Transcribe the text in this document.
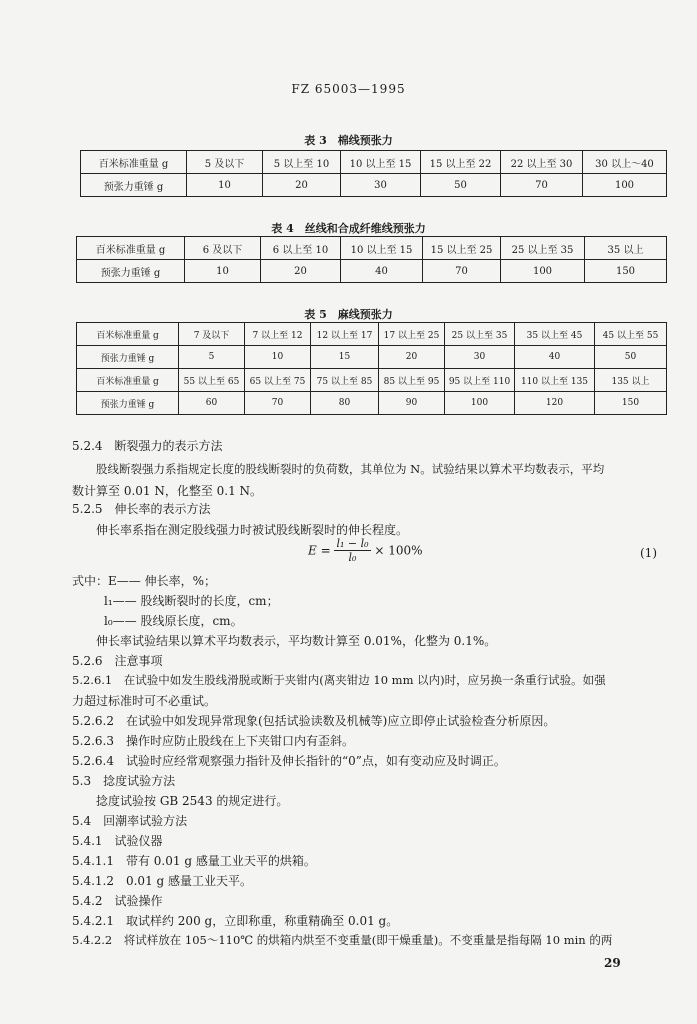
FZ 65003—1995
表 3　棉线预张力
百米标准重量 g	5 及以下	5 以上至 10	10 以上至 15	15 以上至 22	22 以上至 30	30 以上～40
预张力重锤 g	10	20	30	50	70	100
表 4　丝线和合成纤维线预张力
百米标准重量 g	6 及以下	6 以上至 10	10 以上至 15	15 以上至 25	25 以上至 35	35 以上
预张力重锤 g	10	20	40	70	100	150
表 5　麻线预张力
百米标准重量 g	7 及以下	7 以上至 12	12 以上至 17	17 以上至 25	25 以上至 35	35 以上至 45	45 以上至 55
预张力重锤 g	5	10	15	20	30	40	50
百米标准重量 g	55 以上至 65	65 以上至 75	75 以上至 85	85 以上至 95	95 以上至 110	110 以上至 135	135 以上
预张力重锤 g	60	70	80	90	100	120	150
5.2.4　断裂强力的表示方法
股线断裂强力系指规定长度的股线断裂时的负荷数，其单位为 N。试验结果以算术平均数表示，平均
数计算至 0.01 N，化整至 0.1 N。
5.2.5　伸长率的表示方法
伸长率系指在测定股线强力时被试股线断裂时的伸长程度。
$E = \frac{\text{l₁ − l₀}}{\text{l₀}} \times 100\%$	(1)
式中：E—— 伸长率，%；
l₁—— 股线断裂时的长度，cm；
l₀—— 股线原长度，cm。
伸长率试验结果以算术平均数表示，平均数计算至 0.01%，化整为 0.1%。
5.2.6　注意事项
5.2.6.1　在试验中如发生股线滑脱或断于夹钳内(离夹钳边 10 mm 以内)时，应另换一条重行试验。如强
力超过标准时可不必重试。
5.2.6.2　在试验中如发现异常现象(包括试验读数及机械等)应立即停止试验检查分析原因。
5.2.6.3　操作时应防止股线在上下夹钳口内有歪斜。
5.2.6.4　试验时应经常观察强力指针及伸长指针的“0”点，如有变动应及时调正。
5.3　捻度试验方法
捻度试验按 GB 2543 的规定进行。
5.4　回潮率试验方法
5.4.1　试验仪器
5.4.1.1　带有 0.01 g 感量工业天平的烘箱。
5.4.1.2　0.01 g 感量工业天平。
5.4.2　试验操作
5.4.2.1　取试样约 200 g，立即称重，称重精确至 0.01 g。
5.4.2.2　将试样放在 105～110℃ 的烘箱内烘至不变重量(即干燥重量)。不变重量是指每隔 10 min 的两
29
